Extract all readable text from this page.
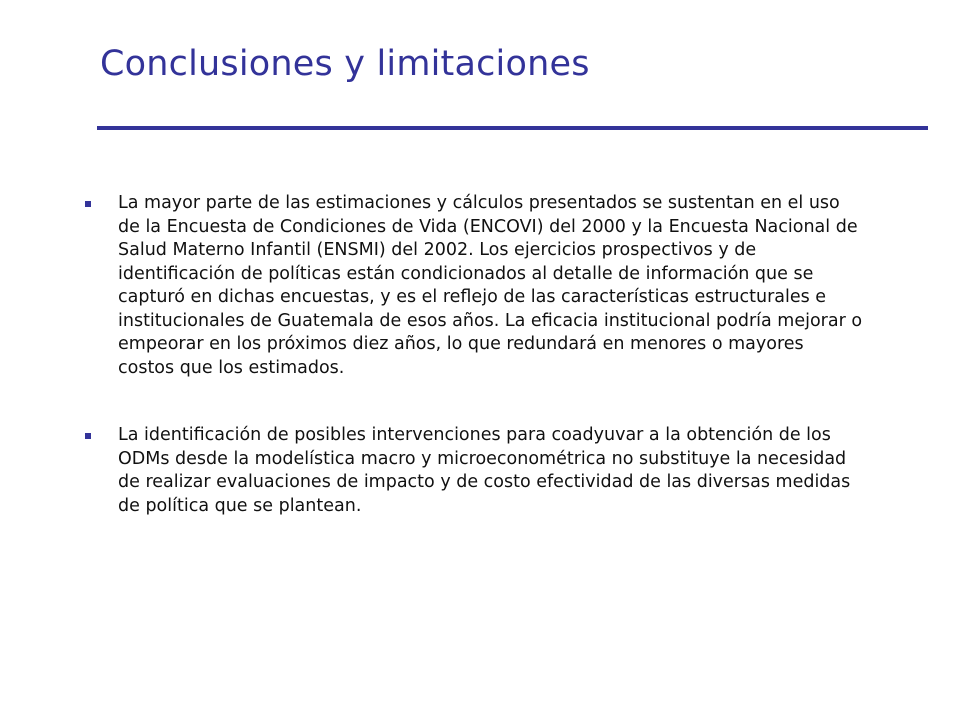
Conclusiones y limitaciones
La mayor parte de las estimaciones y cálculos presentados se sustentan en el uso de la Encuesta de Condiciones de Vida (ENCOVI) del 2000 y la Encuesta Nacional de Salud Materno Infantil (ENSMI) del 2002. Los ejercicios prospectivos y de identificación de políticas están condicionados al detalle de información que se capturó en dichas encuestas, y es el reflejo de las características estructurales e institucionales de Guatemala de esos años. La eficacia institucional podría mejorar o empeorar en los próximos diez años, lo que redundará en menores o mayores costos que los estimados.
La identificación de posibles intervenciones para coadyuvar a la obtención de los ODMs desde la modelística macro y microeconométrica no substituye la necesidad de realizar evaluaciones de impacto y de costo efectividad de las diversas medidas de política que se plantean.
